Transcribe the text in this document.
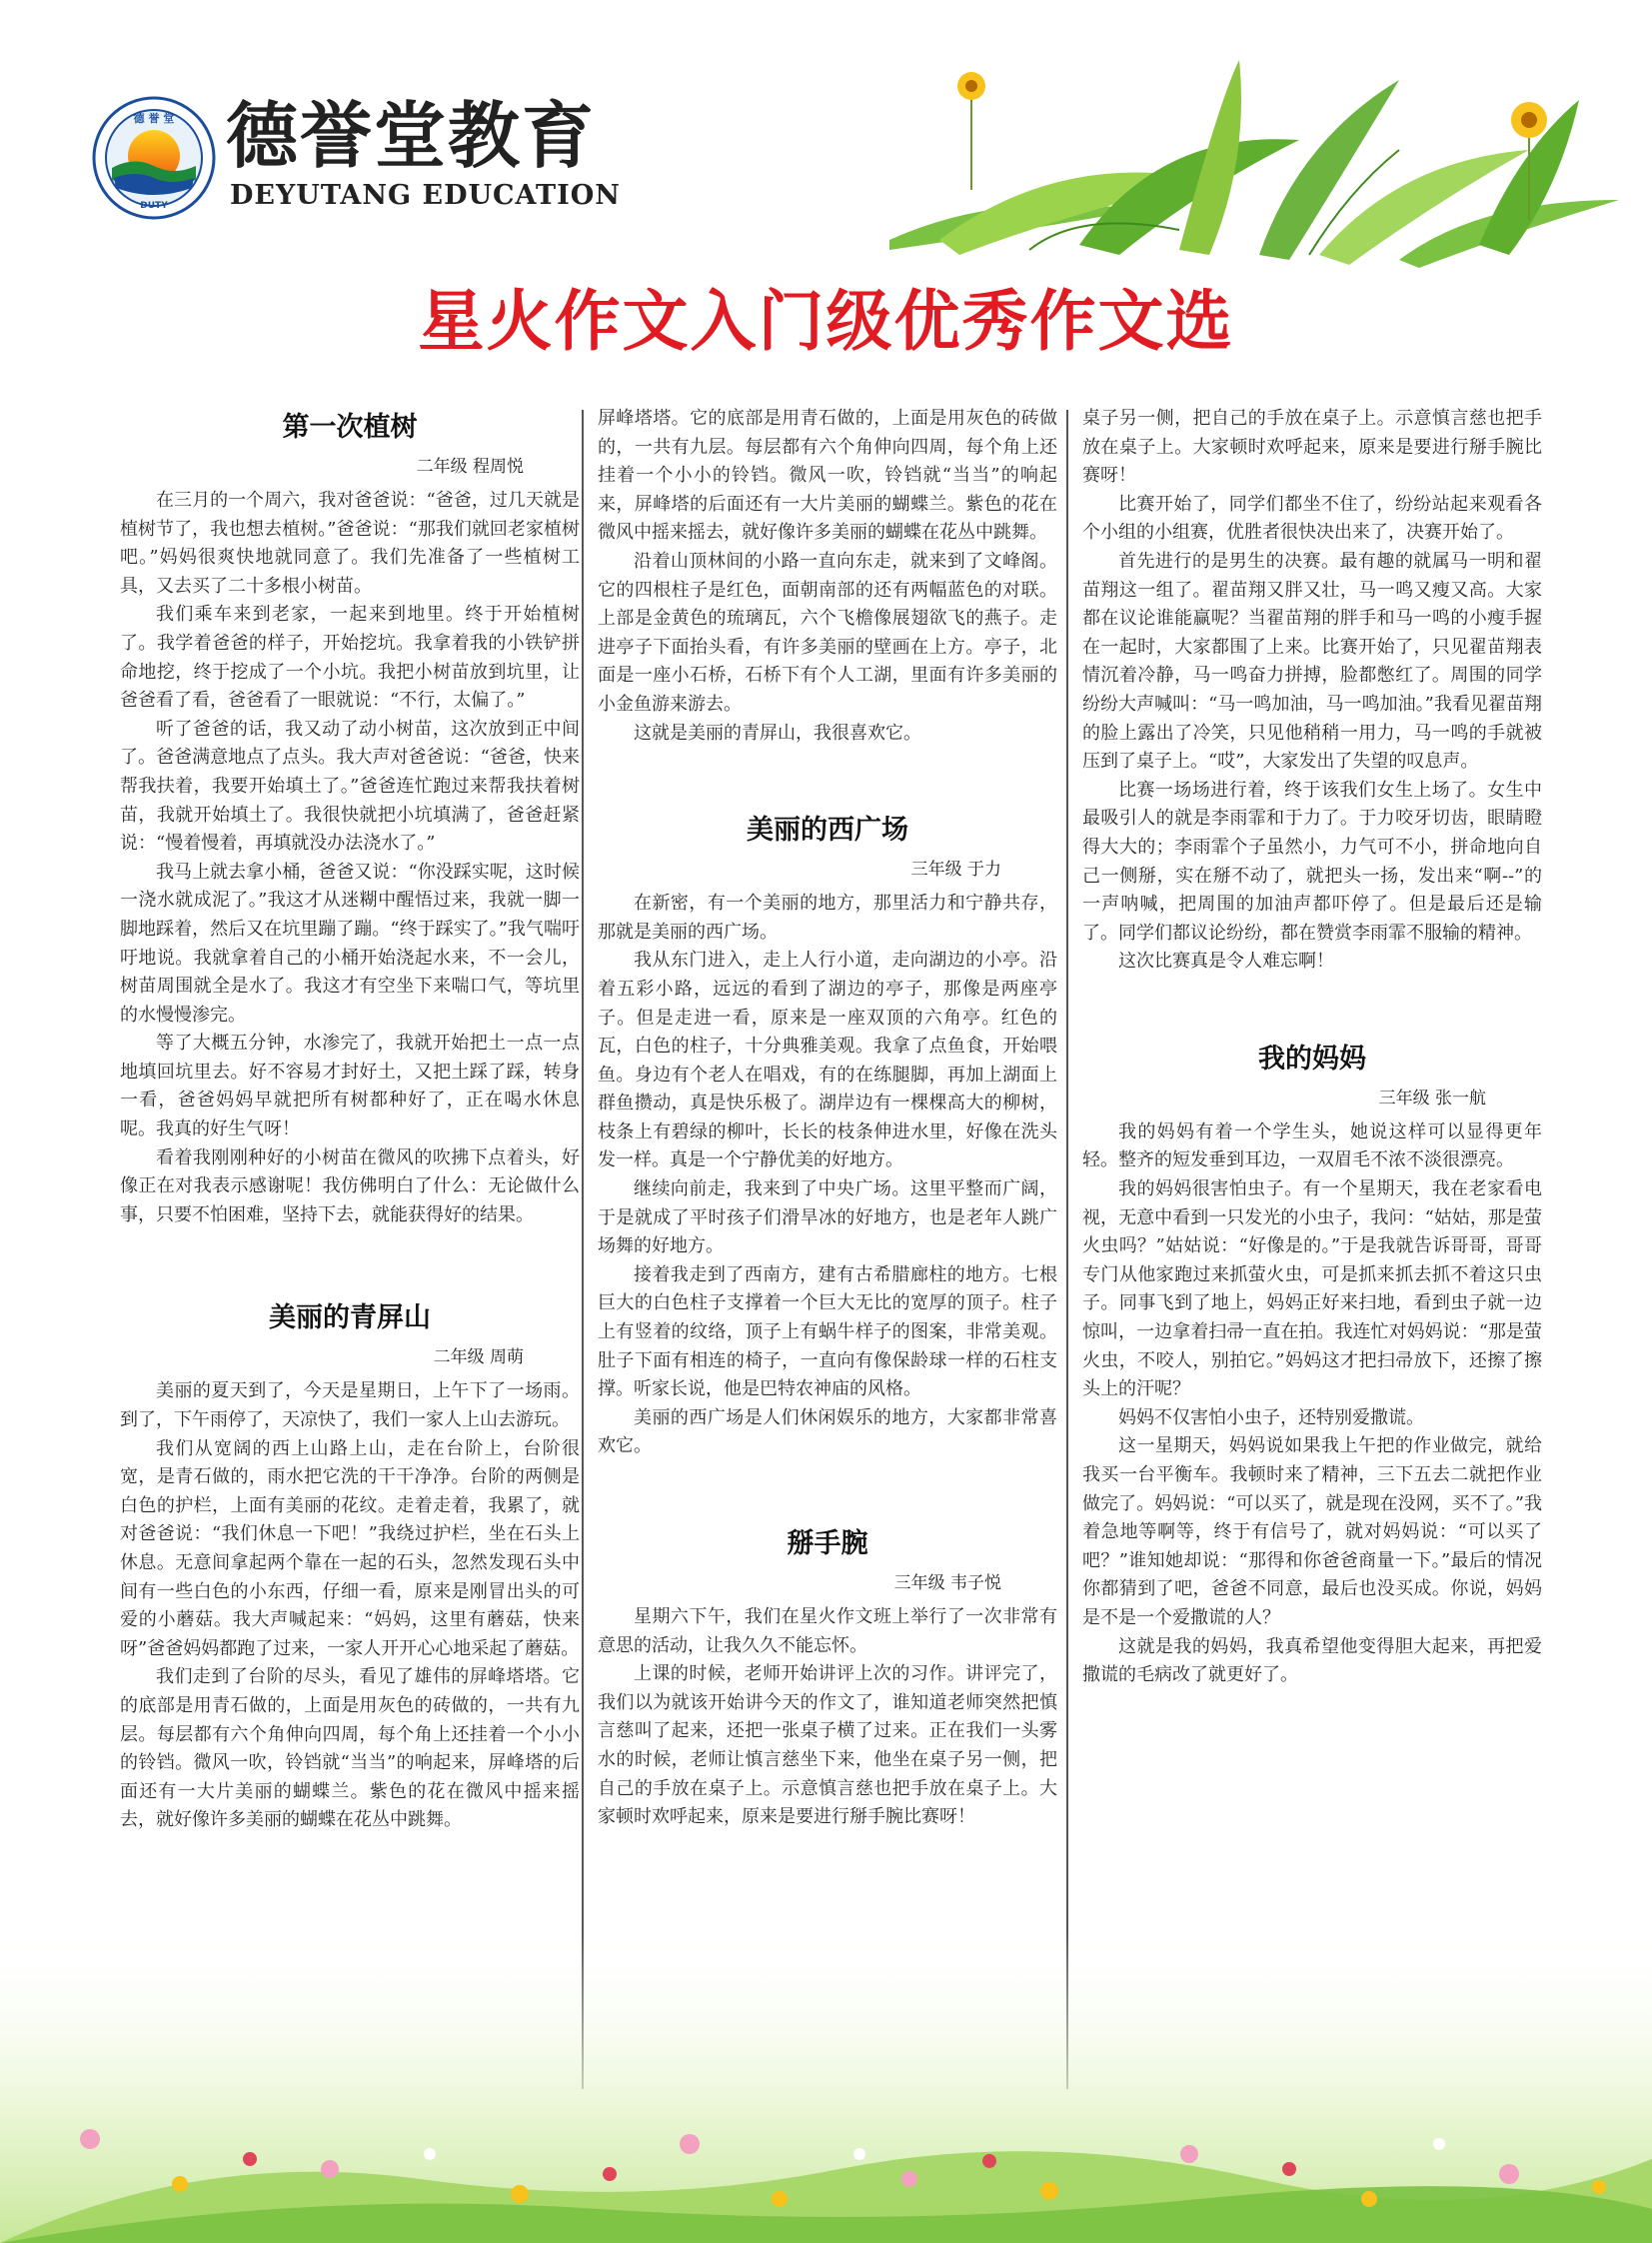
德 誉 堂
DUTY
德誉堂教育
DEYUTANG EDUCATION
星火作文入门级优秀作文选
第一次植树
二年级 程周悦

在三月的一个周六，我对爸爸说：“爸爸，过几天就是植树节了，我也想去植树。”爸爸说：“那我们就回老家植树吧。”妈妈很爽快地就同意了。我们先准备了一些植树工具，又去买了二十多根小树苗。

我们乘车来到老家，一起来到地里。终于开始植树了。我学着爸爸的样子，开始挖坑。我拿着我的小铁铲拼命地挖，终于挖成了一个小坑。我把小树苗放到坑里，让爸爸看了看，爸爸看了一眼就说：“不行，太偏了。”

听了爸爸的话，我又动了动小树苗，这次放到正中间了。爸爸满意地点了点头。我大声对爸爸说：“爸爸，快来帮我扶着，我要开始填土了。”爸爸连忙跑过来帮我扶着树苗，我就开始填土了。我很快就把小坑填满了，爸爸赶紧说：“慢着慢着，再填就没办法浇水了。”

我马上就去拿小桶，爸爸又说：“你没踩实呢，这时候一浇水就成泥了。”我这才从迷糊中醒悟过来，我就一脚一脚地踩着，然后又在坑里蹦了蹦。“终于踩实了。”我气喘吁吁地说。我就拿着自己的小桶开始浇起水来，不一会儿，树苗周围就全是水了。我这才有空坐下来喘口气，等坑里的水慢慢渗完。

等了大概五分钟，水渗完了，我就开始把土一点一点地填回坑里去。好不容易才封好土，又把土踩了踩，转身一看，爸爸妈妈早就把所有树都种好了，正在喝水休息呢。我真的好生气呀！

看着我刚刚种好的小树苗在微风的吹拂下点着头，好像正在对我表示感谢呢！我仿佛明白了什么：无论做什么事，只要不怕困难，坚持下去，就能获得好的结果。

美丽的青屏山
二年级 周萌

美丽的夏天到了，今天是星期日，上午下了一场雨。到了，下午雨停了，天凉快了，我们一家人上山去游玩。

我们从宽阔的西上山路上山，走在台阶上，台阶很宽，是青石做的，雨水把它洗的干干净净。台阶的两侧是白色的护栏，上面有美丽的花纹。走着走着，我累了，就对爸爸说：“我们休息一下吧！”我绕过护栏，坐在石头上休息。无意间拿起两个靠在一起的石头，忽然发现石头中间有一些白色的小东西，仔细一看，原来是刚冒出头的可爱的小蘑菇。我大声喊起来：“妈妈，这里有蘑菇，快来呀”爸爸妈妈都跑了过来，一家人开开心心地采起了蘑菇。

我们走到了台阶的尽头，看见了雄伟的屏峰塔塔。它的底部是用青石做的，上面是用灰色的砖做的，一共有九层。每层都有六个角伸向四周，每个角上还挂着一个小小的铃铛。微风一吹，铃铛就“当当”的响起来，屏峰塔的后面还有一大片美丽的蝴蝶兰。紫色的花在微风中摇来摇去，就好像许多美丽的蝴蝶在花丛中跳舞。

屏峰塔塔。它的底部是用青石做的，上面是用灰色的砖做的，一共有九层。每层都有六个角伸向四周，每个角上还挂着一个小小的铃铛。微风一吹，铃铛就“当当”的响起来，屏峰塔的后面还有一大片美丽的蝴蝶兰。紫色的花在微风中摇来摇去，就好像许多美丽的蝴蝶在花丛中跳舞。

沿着山顶林间的小路一直向东走，就来到了文峰阁。它的四根柱子是红色，面朝南部的还有两幅蓝色的对联。上部是金黄色的琉璃瓦，六个飞檐像展翅欲飞的燕子。走进亭子下面抬头看，有许多美丽的壁画在上方。亭子，北面是一座小石桥，石桥下有个人工湖，里面有许多美丽的小金鱼游来游去。

这就是美丽的青屏山，我很喜欢它。

美丽的西广场
三年级 于力

在新密，有一个美丽的地方，那里活力和宁静共存，那就是美丽的西广场。

我从东门进入，走上人行小道，走向湖边的小亭。沿着五彩小路，远远的看到了湖边的亭子，那像是两座亭子。但是走进一看，原来是一座双顶的六角亭。红色的瓦，白色的柱子，十分典雅美观。我拿了点鱼食，开始喂鱼。身边有个老人在唱戏，有的在练腿脚，再加上湖面上群鱼攒动，真是快乐极了。湖岸边有一棵棵高大的柳树，枝条上有碧绿的柳叶，长长的枝条伸进水里，好像在洗头发一样。真是一个宁静优美的好地方。

继续向前走，我来到了中央广场。这里平整而广阔，于是就成了平时孩子们滑旱冰的好地方，也是老年人跳广场舞的好地方。

接着我走到了西南方，建有古希腊廊柱的地方。七根巨大的白色柱子支撑着一个巨大无比的宽厚的顶子。柱子上有竖着的纹络，顶子上有蜗牛样子的图案，非常美观。肚子下面有相连的椅子，一直向有像保龄球一样的石柱支撑。听家长说，他是巴特农神庙的风格。

美丽的西广场是人们休闲娱乐的地方，大家都非常喜欢它。

掰手腕
三年级 韦子悦

星期六下午，我们在星火作文班上举行了一次非常有意思的活动，让我久久不能忘怀。

上课的时候，老师开始讲评上次的习作。讲评完了，我们以为就该开始讲今天的作文了，谁知道老师突然把慎言慈叫了起来，还把一张桌子横了过来。正在我们一头雾水的时候，老师让慎言慈坐下来，他坐在桌子另一侧，把自己的手放在桌子上。示意慎言慈也把手放在桌子上。大家顿时欢呼起来，原来是要进行掰手腕比赛呀！

桌子另一侧，把自己的手放在桌子上。示意慎言慈也把手放在桌子上。大家顿时欢呼起来，原来是要进行掰手腕比赛呀！

比赛开始了，同学们都坐不住了，纷纷站起来观看各个小组的小组赛，优胜者很快决出来了，决赛开始了。

首先进行的是男生的决赛。最有趣的就属马一明和翟苗翔这一组了。翟苗翔又胖又壮，马一鸣又瘦又高。大家都在议论谁能赢呢？当翟苗翔的胖手和马一鸣的小瘦手握在一起时，大家都围了上来。比赛开始了，只见翟苗翔表情沉着冷静，马一鸣奋力拼搏，脸都憋红了。周围的同学纷纷大声喊叫：“马一鸣加油，马一鸣加油。”我看见翟苗翔的脸上露出了冷笑，只见他稍稍一用力，马一鸣的手就被压到了桌子上。“哎”，大家发出了失望的叹息声。

比赛一场场进行着，终于该我们女生上场了。女生中最吸引人的就是李雨霏和于力了。于力咬牙切齿，眼睛瞪得大大的；李雨霏个子虽然小，力气可不小，拼命地向自己一侧掰，实在掰不动了，就把头一扬，发出来“啊--”的一声呐喊，把周围的加油声都吓停了。但是最后还是输了。同学们都议论纷纷，都在赞赏李雨霏不服输的精神。

这次比赛真是令人难忘啊！

我的妈妈
三年级 张一航

我的妈妈有着一个学生头，她说这样可以显得更年轻。整齐的短发垂到耳边，一双眉毛不浓不淡很漂亮。

我的妈妈很害怕虫子。有一个星期天，我在老家看电视，无意中看到一只发光的小虫子，我问：“姑姑，那是萤火虫吗？”姑姑说：“好像是的。”于是我就告诉哥哥，哥哥专门从他家跑过来抓萤火虫，可是抓来抓去抓不着这只虫子。同事飞到了地上，妈妈正好来扫地，看到虫子就一边惊叫，一边拿着扫帚一直在拍。我连忙对妈妈说：“那是萤火虫，不咬人，别拍它。”妈妈这才把扫帚放下，还擦了擦头上的汗呢？

妈妈不仅害怕小虫子，还特别爱撒谎。

这一星期天，妈妈说如果我上午把的作业做完，就给我买一台平衡车。我顿时来了精神，三下五去二就把作业做完了。妈妈说：“可以买了，就是现在没网，买不了。”我着急地等啊等，终于有信号了，就对妈妈说：“可以买了吧？”谁知她却说：“那得和你爸爸商量一下。”最后的情况你都猜到了吧，爸爸不同意，最后也没买成。你说，妈妈是不是一个爱撒谎的人？

这就是我的妈妈，我真希望他变得胆大起来，再把爱撒谎的毛病改了就更好了。
